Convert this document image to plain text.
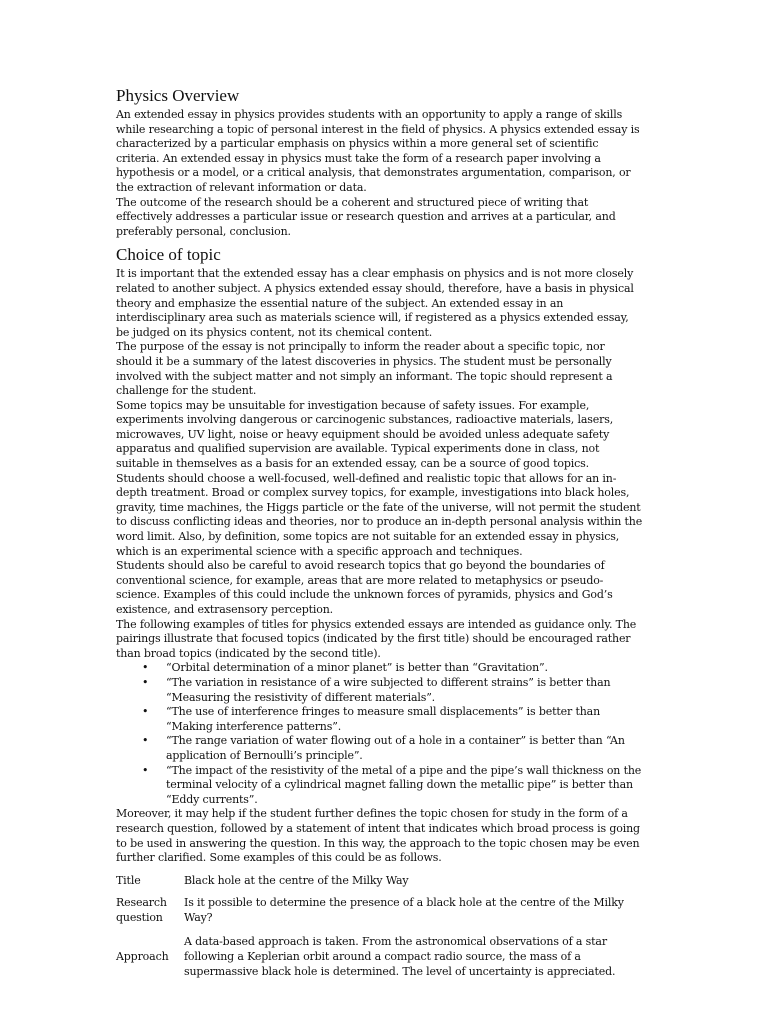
Physics Overview

An extended essay in physics provides students with an opportunity to apply a range of skills while researching a topic of personal interest in the field of physics. A physics extended essay is characterized by a particular emphasis on physics within a more general set of scientific criteria. An extended essay in physics must take the form of a research paper involving a hypothesis or a model, or a critical analysis, that demonstrates argumentation, comparison, or the extraction of relevant information or data.

The outcome of the research should be a coherent and structured piece of writing that effectively addresses a particular issue or research question and arrives at a particular, and preferably personal, conclusion.

Choice of topic

It is important that the extended essay has a clear emphasis on physics and is not more closely related to another subject. A physics extended essay should, therefore, have a basis in physical theory and emphasize the essential nature of the subject. An extended essay in an interdisciplinary area such as materials science will, if registered as a physics extended essay, be judged on its physics content, not its chemical content.

The purpose of the essay is not principally to inform the reader about a specific topic, nor should it be a summary of the latest discoveries in physics. The student must be personally involved with the subject matter and not simply an informant. The topic should represent a challenge for the student.

Some topics may be unsuitable for investigation because of safety issues. For example, experiments involving dangerous or carcinogenic substances, radioactive materials, lasers, microwaves, UV light, noise or heavy equipment should be avoided unless adequate safety apparatus and qualified supervision are available. Typical experiments done in class, not suitable in themselves as a basis for an extended essay, can be a source of good topics.

Students should choose a well-focused, well-defined and realistic topic that allows for an in-depth treatment. Broad or complex survey topics, for example, investigations into black holes, gravity, time machines, the Higgs particle or the fate of the universe, will not permit the student to discuss conflicting ideas and theories, nor to produce an in-depth personal analysis within the word limit. Also, by definition, some topics are not suitable for an extended essay in physics, which is an experimental science with a specific approach and techniques.

Students should also be careful to avoid research topics that go beyond the boundaries of conventional science, for example, areas that are more related to metaphysics or pseudo-science. Examples of this could include the unknown forces of pyramids, physics and God’s existence, and extrasensory perception.

The following examples of titles for physics extended essays are intended as guidance only. The pairings illustrate that focused topics (indicated by the first title) should be encouraged rather than broad topics (indicated by the second title).

• “Orbital determination of a minor planet” is better than “Gravitation”.
• “The variation in resistance of a wire subjected to different strains” is better than “Measuring the resistivity of different materials”.
• “The use of interference fringes to measure small displacements” is better than “Making interference patterns”.
• “The range variation of water flowing out of a hole in a container” is better than “An application of Bernoulli’s principle”.
• “The impact of the resistivity of the metal of a pipe and the pipe’s wall thickness on the terminal velocity of a cylindrical magnet falling down the metallic pipe” is better than “Eddy currents”.

Moreover, it may help if the student further defines the topic chosen for study in the form of a research question, followed by a statement of intent that indicates which broad process is going to be used in answering the question. In this way, the approach to the topic chosen may be even further clarified. Some examples of this could be as follows.

Title	Black hole at the centre of the Milky Way
Research question	Is it possible to determine the presence of a black hole at the centre of the Milky Way?
Approach	A data-based approach is taken. From the astronomical observations of a star following a Keplerian orbit around a compact radio source, the mass of a supermassive black hole is determined. The level of uncertainty is appreciated.
